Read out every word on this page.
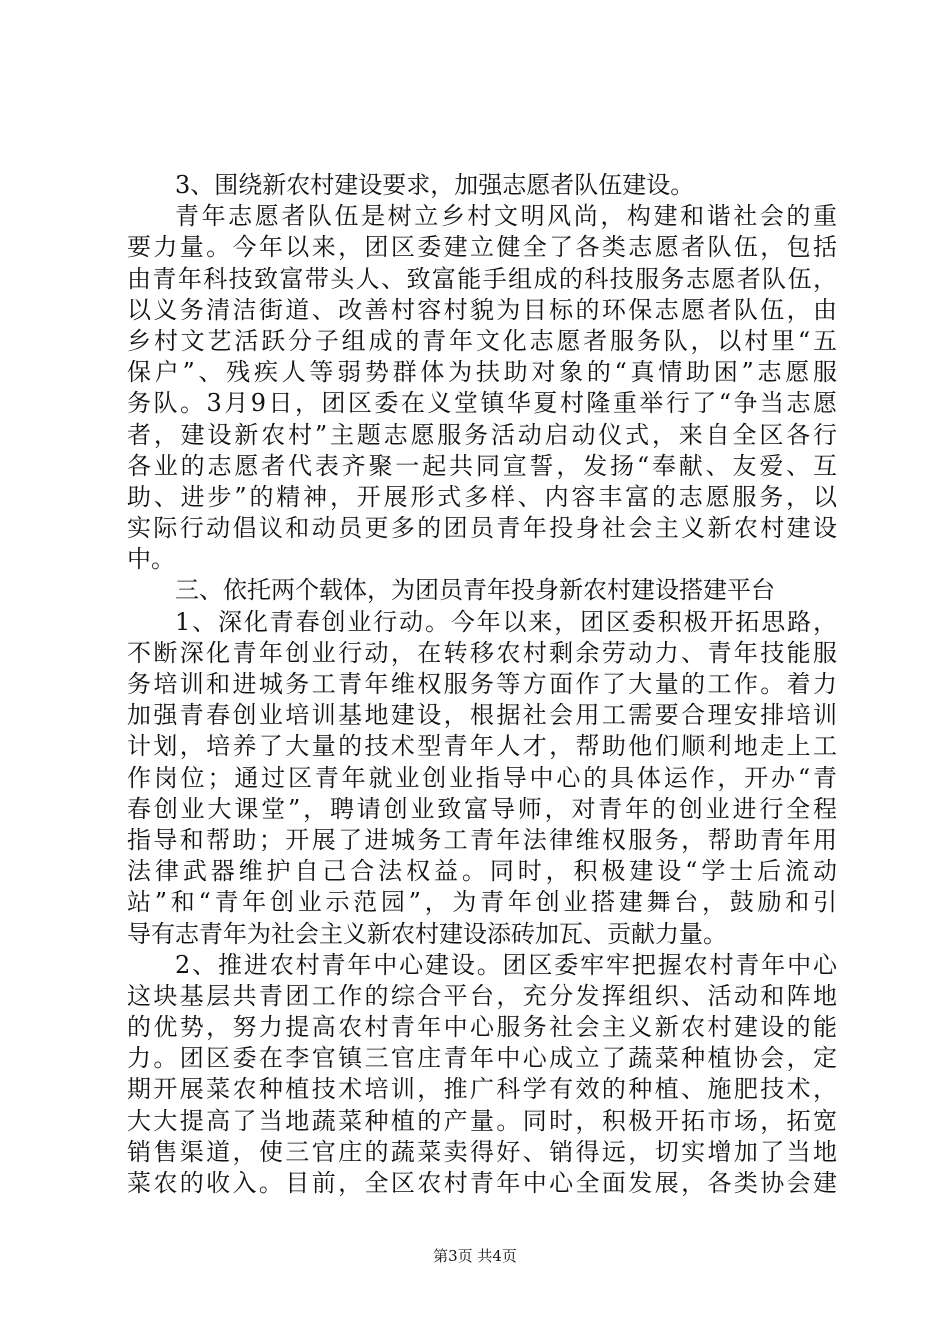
3、围绕新农村建设要求，加强志愿者队伍建设。
青年志愿者队伍是树立乡村文明风尚，构建和谐社会的重
要力量。今年以来，团区委建立健全了各类志愿者队伍，包括
由青年科技致富带头人、致富能手组成的科技服务志愿者队伍，
以义务清洁街道、改善村容村貌为目标的环保志愿者队伍，由
乡村文艺活跃分子组成的青年文化志愿者服务队，以村里“五
保户”、残疾人等弱势群体为扶助对象的“真情助困”志愿服
务队。3月9日，团区委在义堂镇华夏村隆重举行了“争当志愿
者，建设新农村”主题志愿服务活动启动仪式，来自全区各行
各业的志愿者代表齐聚一起共同宣誓，发扬“奉献、友爱、互
助、进步”的精神，开展形式多样、内容丰富的志愿服务，以
实际行动倡议和动员更多的团员青年投身社会主义新农村建设
中。
三、依托两个载体，为团员青年投身新农村建设搭建平台
1、深化青春创业行动。今年以来，团区委积极开拓思路，
不断深化青年创业行动，在转移农村剩余劳动力、青年技能服
务培训和进城务工青年维权服务等方面作了大量的工作。着力
加强青春创业培训基地建设，根据社会用工需要合理安排培训
计划，培养了大量的技术型青年人才，帮助他们顺利地走上工
作岗位；通过区青年就业创业指导中心的具体运作，开办“青
春创业大课堂”，聘请创业致富导师，对青年的创业进行全程
指导和帮助；开展了进城务工青年法律维权服务，帮助青年用
法律武器维护自己合法权益。同时，积极建设“学士后流动
站”和“青年创业示范园”，为青年创业搭建舞台，鼓励和引
导有志青年为社会主义新农村建设添砖加瓦、贡献力量。
2、推进农村青年中心建设。团区委牢牢把握农村青年中心
这块基层共青团工作的综合平台，充分发挥组织、活动和阵地
的优势，努力提高农村青年中心服务社会主义新农村建设的能
力。团区委在李官镇三官庄青年中心成立了蔬菜种植协会，定
期开展菜农种植技术培训，推广科学有效的种植、施肥技术，
大大提高了当地蔬菜种植的产量。同时，积极开拓市场，拓宽
销售渠道，使三官庄的蔬菜卖得好、销得远，切实增加了当地
菜农的收入。目前，全区农村青年中心全面发展，各类协会建
第3页 共4页
